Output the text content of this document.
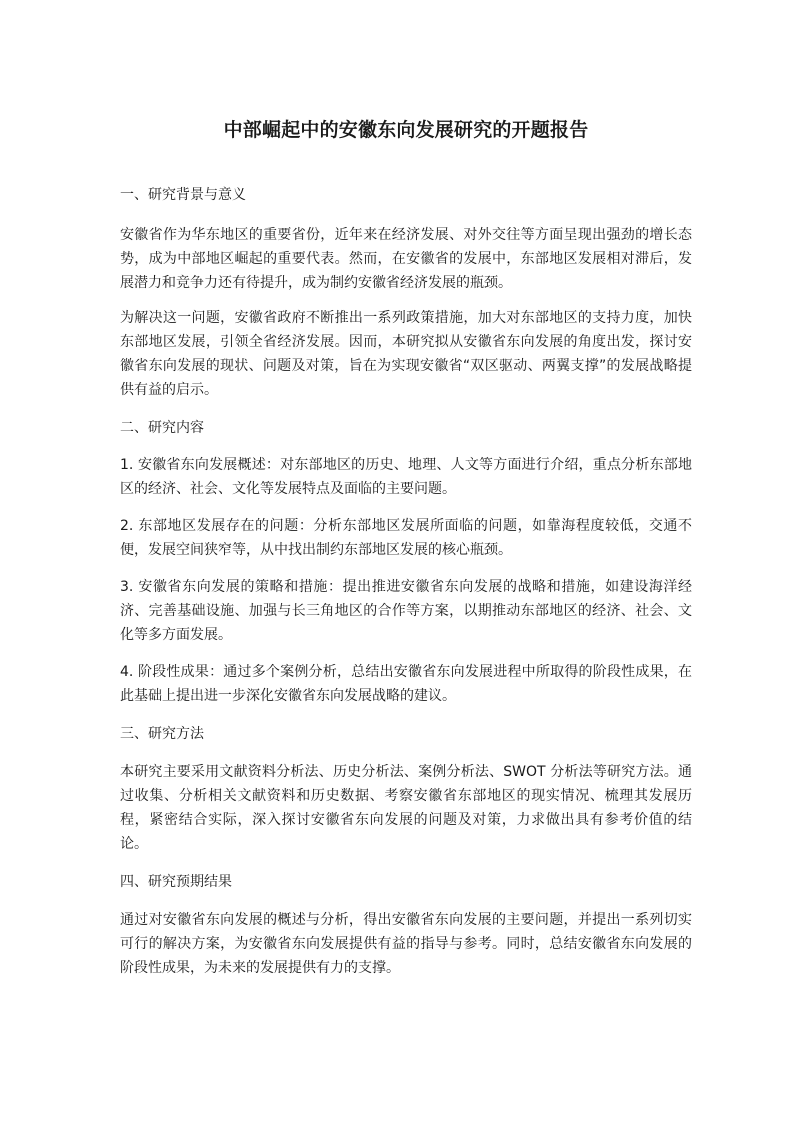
中部崛起中的安徽东向发展研究的开题报告
一、研究背景与意义

安徽省作为华东地区的重要省份，近年来在经济发展、对外交往等方面呈现出强劲的增长态势，成为中部地区崛起的重要代表。然而，在安徽省的发展中，东部地区发展相对滞后，发展潜力和竞争力还有待提升，成为制约安徽省经济发展的瓶颈。

为解决这一问题，安徽省政府不断推出一系列政策措施，加大对东部地区的支持力度，加快东部地区发展，引领全省经济发展。因而，本研究拟从安徽省东向发展的角度出发，探讨安徽省东向发展的现状、问题及对策，旨在为实现安徽省“双区驱动、两翼支撑”的发展战略提供有益的启示。

二、研究内容

1. 安徽省东向发展概述：对东部地区的历史、地理、人文等方面进行介绍，重点分析东部地区的经济、社会、文化等发展特点及面临的主要问题。

2. 东部地区发展存在的问题：分析东部地区发展所面临的问题，如靠海程度较低，交通不便，发展空间狭窄等，从中找出制约东部地区发展的核心瓶颈。

3. 安徽省东向发展的策略和措施：提出推进安徽省东向发展的战略和措施，如建设海洋经济、完善基础设施、加强与长三角地区的合作等方案，以期推动东部地区的经济、社会、文化等多方面发展。

4. 阶段性成果：通过多个案例分析，总结出安徽省东向发展进程中所取得的阶段性成果，在此基础上提出进一步深化安徽省东向发展战略的建议。

三、研究方法

本研究主要采用文献资料分析法、历史分析法、案例分析法、SWOT 分析法等研究方法。通过收集、分析相关文献资料和历史数据、考察安徽省东部地区的现实情况、梳理其发展历程，紧密结合实际，深入探讨安徽省东向发展的问题及对策，力求做出具有参考价值的结论。

四、研究预期结果

通过对安徽省东向发展的概述与分析，得出安徽省东向发展的主要问题，并提出一系列切实可行的解决方案，为安徽省东向发展提供有益的指导与参考。同时，总结安徽省东向发展的阶段性成果，为未来的发展提供有力的支撑。
